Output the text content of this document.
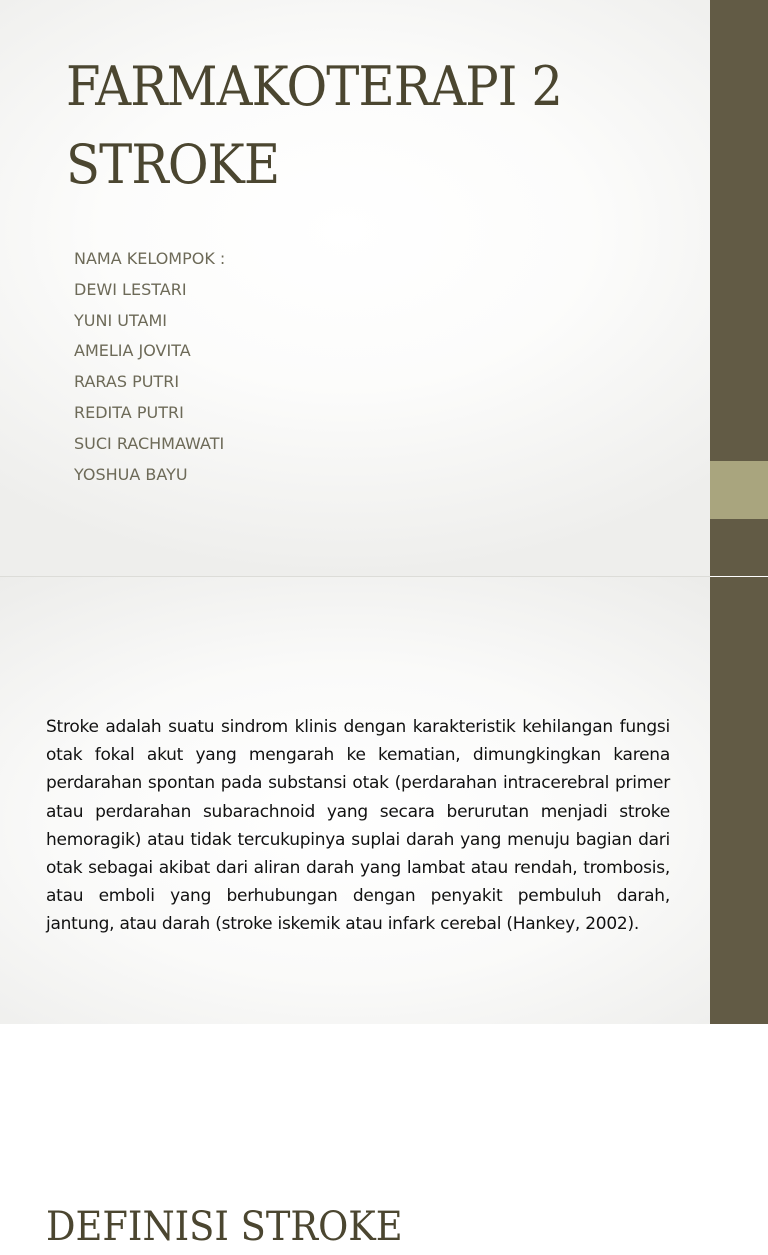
FARMAKOTERAPI 2
STROKE
NAMA KELOMPOK :
DEWI LESTARI
YUNI UTAMI
AMELIA JOVITA
RARAS PUTRI
REDITA PUTRI
SUCI RACHMAWATI
YOSHUA BAYU
DEFINISI STROKE

Stroke adalah suatu sindrom klinis dengan karakteristik kehilangan fungsi otak fokal akut yang mengarah ke kematian, dimungkingkan karena perdarahan spontan pada substansi otak (perdarahan intracerebral primer atau perdarahan subarachnoid yang secara berurutan menjadi stroke hemoragik) atau tidak tercukupinya suplai darah yang menuju bagian dari otak sebagai akibat dari aliran darah yang lambat atau rendah, trombosis, atau emboli yang berhubungan dengan penyakit pembuluh darah, jantung, atau darah (stroke iskemik atau infark cerebal (Hankey, 2002).
